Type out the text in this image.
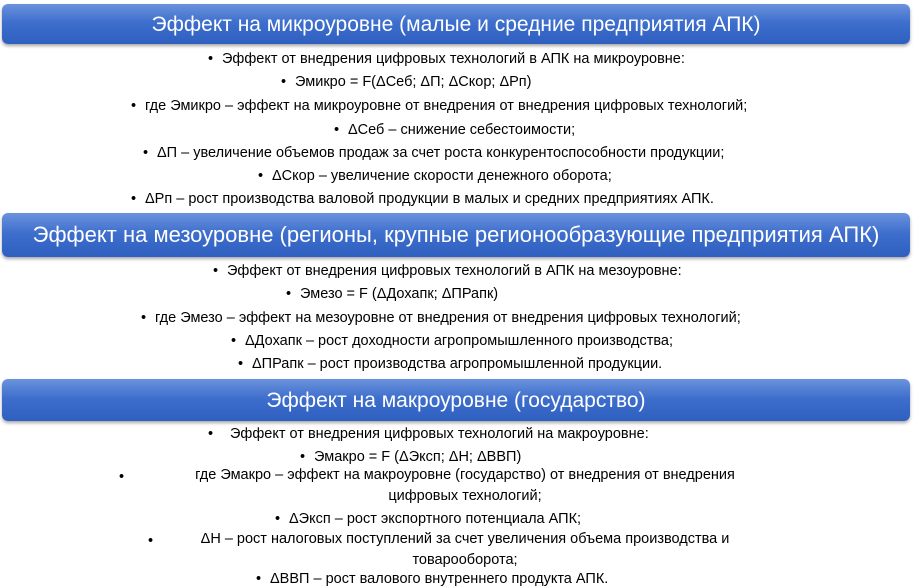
Эффект на микроуровне (малые и средние предприятия АПК)
• Эффект от внедрения цифровых технологий в АПК на микроуровне:
• Эмикро = F(ΔСеб; ΔП; ΔСкор; ΔРп)
• где Эмикро – эффект на микроуровне от внедрения от внедрения цифровых технологий;
• ΔСеб – снижение себестоимости;
• ΔП – увеличение объемов продаж за счет роста конкурентоспособности продукции;
• ΔСкор – увеличение скорости денежного оборота;
• ΔРп – рост производства валовой продукции в малых и средних предприятиях АПК.
Эффект на мезоуровне (регионы, крупные регионообразующие предприятия АПК)
• Эффект от внедрения цифровых технологий в АПК на мезоуровне:
• Эмезо = F (ΔДохапк; ΔПРапк)
• где Эмезо – эффект на мезоуровне от внедрения от внедрения цифровых технологий;
• ΔДохапк – рост доходности агропромышленного производства;
• ΔПРапк – рост производства агропромышленной продукции.
Эффект на макроуровне (государство)
• Эффект от внедрения цифровых технологий на макроуровне:
• Эмакро = F (ΔЭксп; ΔН; ΔВВП)
•	где Эмакро – эффект на макроуровне (государство) от внедрения от внедрения цифровых технологий;
• ΔЭксп – рост экспортного потенциала АПК;
•	ΔН – рост налоговых поступлений за счет увеличения объема производства и товарооборота;
• ΔВВП – рост валового внутреннего продукта АПК.
